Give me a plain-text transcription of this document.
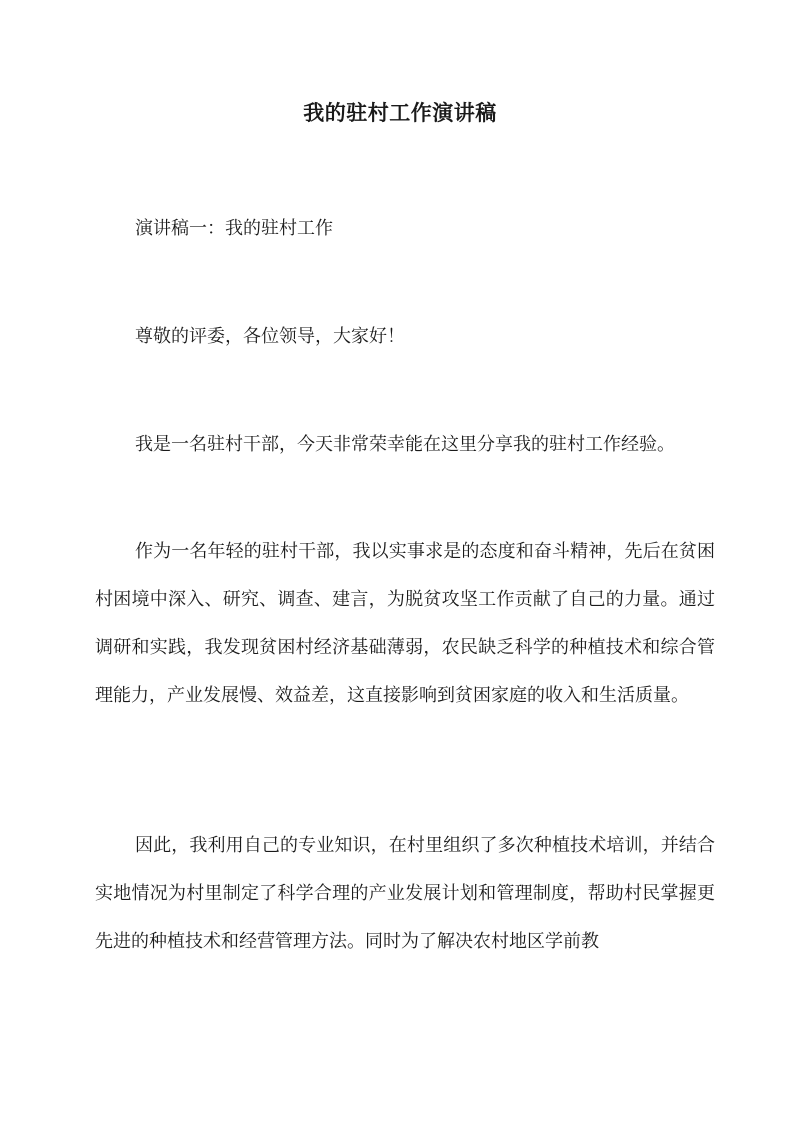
我的驻村工作演讲稿

演讲稿一：我的驻村工作

尊敬的评委，各位领导，大家好！

我是一名驻村干部，今天非常荣幸能在这里分享我的驻村工作经验。

作为一名年轻的驻村干部，我以实事求是的态度和奋斗精神，先后在贫困村困境中深入、研究、调查、建言，为脱贫攻坚工作贡献了自己的力量。通过调研和实践，我发现贫困村经济基础薄弱，农民缺乏科学的种植技术和综合管理能力，产业发展慢、效益差，这直接影响到贫困家庭的收入和生活质量。

因此，我利用自己的专业知识，在村里组织了多次种植技术培训，并结合实地情况为村里制定了科学合理的产业发展计划和管理制度，帮助村民掌握更先进的种植技术和经营管理方法。同时为了解决农村地区学前教
